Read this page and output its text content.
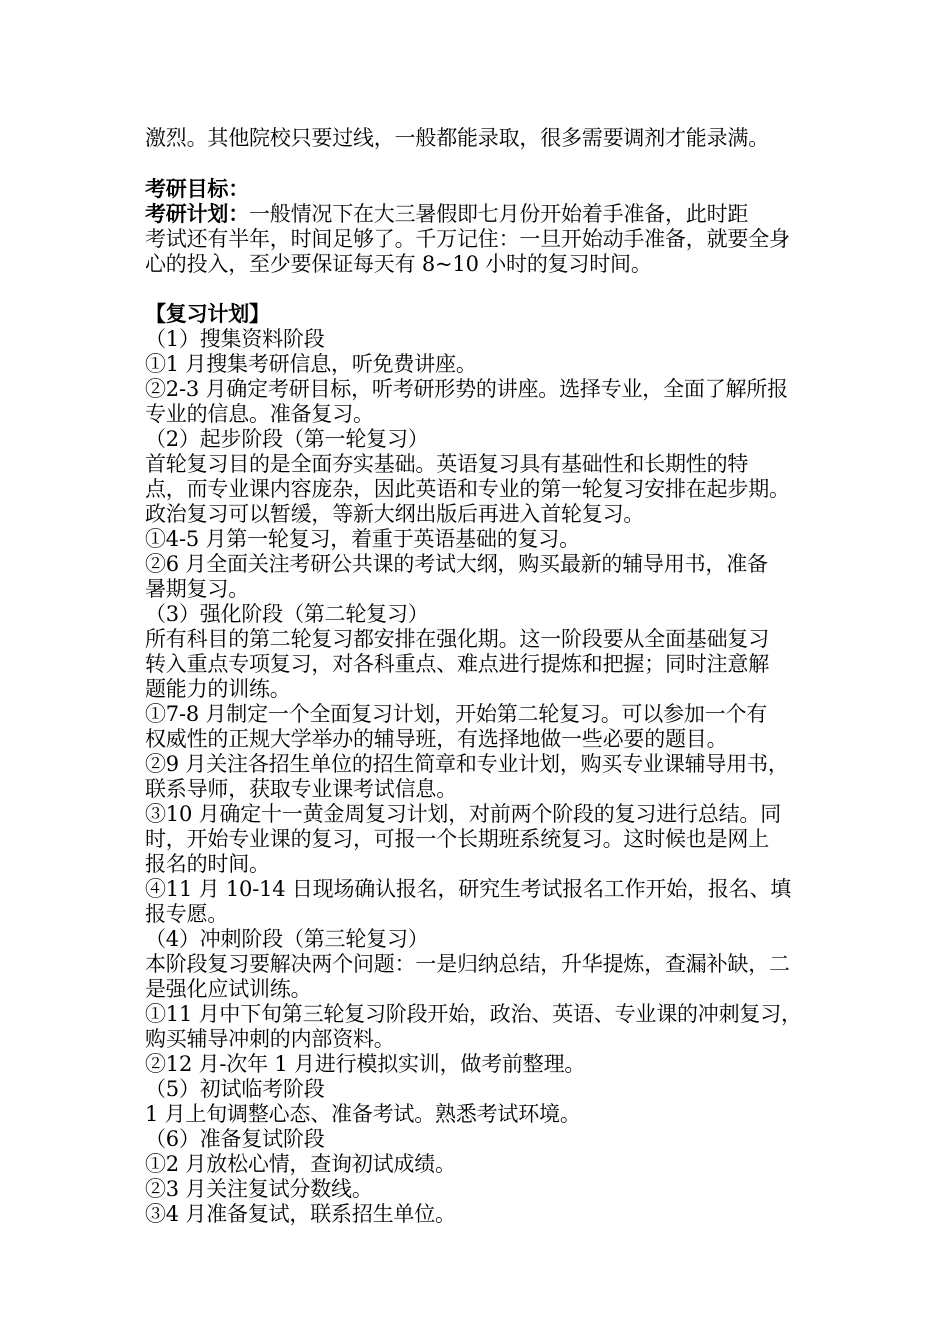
激烈。其他院校只要过线，一般都能录取，很多需要调剂才能录满。
考研目标：
考研计划：一般情况下在大三暑假即七月份开始着手准备，此时距
考试还有半年，时间足够了。千万记住：一旦开始动手准备，就要全身
心的投入，至少要保证每天有 8~10 小时的复习时间。
【复习计划】
（1）搜集资料阶段
①1 月搜集考研信息，听免费讲座。
②2-3 月确定考研目标，听考研形势的讲座。选择专业，全面了解所报
专业的信息。准备复习。
（2）起步阶段（第一轮复习）
首轮复习目的是全面夯实基础。英语复习具有基础性和长期性的特
点，而专业课内容庞杂，因此英语和专业的第一轮复习安排在起步期。
政治复习可以暂缓，等新大纲出版后再进入首轮复习。
①4-5 月第一轮复习，着重于英语基础的复习。
②6 月全面关注考研公共课的考试大纲，购买最新的辅导用书，准备
暑期复习。
（3）强化阶段（第二轮复习）
所有科目的第二轮复习都安排在强化期。这一阶段要从全面基础复习
转入重点专项复习，对各科重点、难点进行提炼和把握；同时注意解
题能力的训练。
①7-8 月制定一个全面复习计划，开始第二轮复习。可以参加一个有
权威性的正规大学举办的辅导班，有选择地做一些必要的题目。
②9 月关注各招生单位的招生简章和专业计划，购买专业课辅导用书，
联系导师，获取专业课考试信息。
③10 月确定十一黄金周复习计划，对前两个阶段的复习进行总结。同
时，开始专业课的复习，可报一个长期班系统复习。这时候也是网上
报名的时间。
④11 月 10-14 日现场确认报名，研究生考试报名工作开始，报名、填
报专愿。
（4）冲刺阶段（第三轮复习）
本阶段复习要解决两个问题：一是归纳总结，升华提炼，查漏补缺，二
是强化应试训练。
①11 月中下旬第三轮复习阶段开始，政治、英语、专业课的冲刺复习，
购买辅导冲刺的内部资料。
②12 月-次年 1 月进行模拟实训，做考前整理。
（5）初试临考阶段
1 月上旬调整心态、准备考试。熟悉考试环境。
（6）准备复试阶段
①2 月放松心情，查询初试成绩。
②3 月关注复试分数线。
③4 月准备复试，联系招生单位。
